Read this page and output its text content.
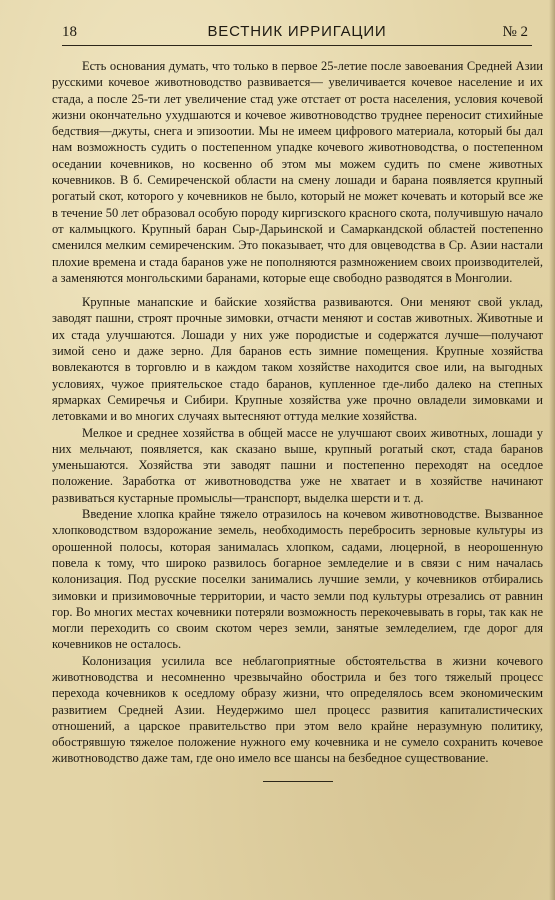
18	ВЕСТНИК ИРРИГАЦИИ	№ 2

Есть основания думать, что только в первое 25-летие после завоевания Средней Азии русскими кочевое животноводство развивается— увеличивается кочевое население и их стада, а после 25-ти лет увеличение стад уже отстает от роста населения, условия кочевой жизни окончательно ухудшаются и кочевое животноводство труднее переносит стихийные бедствия—джуты, снега и эпизоотии. Мы не имеем цифрового материала, который бы дал нам возможность судить о постепенном упадке кочевого животноводства, о постепенном оседании кочевников, но косвенно об этом мы можем судить по смене животных кочевников. В б. Семиреченской области на смену лошади и барана появляется крупный рогатый скот, которого у кочевников не было, который не может кочевать и который все же в течение 50 лет образовал особую породу киргизского красного скота, получившую начало от калмыцкого. Крупный баран Сыр-Дарьинской и Самаркандской областей постепенно сменился мелким семиреченским. Это показывает, что для овцеводства в Ср. Азии настали плохие времена и стада баранов уже не пополняются размножением своих производителей, а заменяются монгольскими баранами, которые еще свободно разводятся в Монголии.

Крупные манапские и байские хозяйства развиваются. Они меняют свой уклад, заводят пашни, строят прочные зимовки, отчасти меняют и состав животных. Животные и их стада улучшаются. Лошади у них уже породистые и содержатся лучше—получают зимой сено и даже зерно. Для баранов есть зимние помещения. Крупные хозяйства вовлекаются в торговлю и в каждом таком хозяйстве находится свое или, на выгодных условиях, чужое приятельское стадо баранов, купленное где-либо далеко на степных ярмарках Семиречья и Сибири. Крупные хозяйства уже прочно овладели зимовками и летовками и во многих случаях вытесняют оттуда мелкие хозяйства.

Мелкое и среднее хозяйства в общей массе не улучшают своих животных, лошади у них мельчают, появляется, как сказано выше, крупный рогатый скот, стада баранов уменьшаются. Хозяйства эти заводят пашни и постепенно переходят на оседлое положение. Заработка от животноводства уже не хватает и в хозяйстве начинают развиваться кустарные промыслы—транспорт, выделка шерсти и т. д.

Введение хлопка крайне тяжело отразилось на кочевом животноводстве. Вызванное хлопководством вздорожание земель, необходимость перебросить зерновые культуры из орошенной полосы, которая занималась хлопком, садами, люцерной, в неорошенную повела к тому, что широко развилось богарное земледелие и в связи с ним началась колонизация. Под русские поселки занимались лучшие земли, у кочевников отбирались зимовки и призимовочные территории, и часто земли под культуры отрезались от равнин гор. Во многих местах кочевники потеряли возможность перекочевывать в горы, так как не могли переходить со своим скотом через земли, занятые земледелием, где дорог для кочевников не осталось.

Колонизация усилила все неблагоприятные обстоятельства в жизни кочевого животноводства и несомненно чрезвычайно обострила и без того тяжелый процесс перехода кочевников к оседлому образу жизни, что определялось всем экономическим развитием Средней Азии. Неудержимо шел процесс развития капиталистических отношений, а царское правительство при этом вело крайне неразумную политику, обострявшую тяжелое положение нужного ему кочевника и не сумело сохранить кочевое животноводство даже там, где оно имело все шансы на безбедное существование.
